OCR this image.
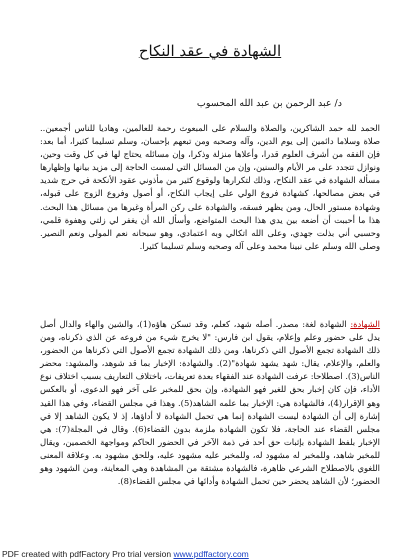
الشهادة في عقد النكاح
د/ عبد الرحمن بن عبد الله المحسوب

الحمد لله حمد الشاكرين، والصلاة والسلام على المبعوث رحمة للعالمين، وهاديا للناس أجمعين.. صلاة وسلاما دائمين إلى يوم الدين، وآله وصحبه ومن تبعهم بإحسان، وسلم تسليما كثيرا، أما بعد: فإن الفقه من أشرف العلوم قدرا، وأعلاها منزلة وذكرا، وإن مسائله يحتاج لها في كل وقت وحين، ونوازل تتجدد على مر الأيام والسنين، وإن من المسائل التي لمست الحاجة إلى مزيد بيانها وإظهارها مسألة الشهادة في عقد النكاح، وذلك لتكرارها ولوقوع كثير من مأذوني عقود الأنكحة في حرج شديد في بعض مصالحها، كشهادة فروع الولي على إيجاب النكاح، أو أصول وفروع الزوج على قبوله، وشهادة مستور الحال، ومن يظهر فسقه، والشهادة على ركن المرأة وغيرها من مسائل هذا البحث. هذا ما أحببت أن أضعه بين يدي هذا البحث المتواضع، وأسأل الله أن يغفر لي زلتي وهفوة قلمي، وحسبي أني بذلت جهدي، وعلى الله اتكالي وبه اعتمادي، وهو سبحانه نعم المولى ونعم النصير. وصلى الله وسلم على نبينا محمد وعلى آله وصحبه وسلم تسليما كثيرا.

الشهادة: الشهادة لغة: مصدر. أصله شهد، كعلم، وقد تسكن هاؤه(1)، والشين والهاء والدال أصل يدل على حضور وعلم وإعلام، يقول ابن فارس: "لا يخرج شيء من فروعه عن الذي ذكرناه، ومن ذلك الشهادة تجمع الأصول التي ذكرناها، ومن ذلك الشهادة تجمع الأصول التي ذكرناها من الحضور، والعلم، والإعلام، يقال: شهد يشهد شهادة"(2). والشهادة: الإخبار بما قد شوهد، والمشهد: محضر الناس(3). اصطلاحا: عرفت الشهادة عند الفقهاء بعدة تعريفات، باختلاف التعاريف بسبب اختلاف نوع الأداء، فإن كان إخبار بحق للغير فهو الشهادة، وإن بحق للمخبر على آخر فهو الدعوى، أو بالعكس وهو الإقرار(4)، فالشهادة هي: الإخبار بما علمه الشاهد(5). وهذا في مجلس القضاء، وفي هذا القيد إشارة إلى أن الشهادة ليست الشهادة إنما هي تحمل الشهادة لا أداؤها، إذ لا يكون الشاهد إلا في مجلس القضاء عند الحاجة، فلا تكون الشهادة ملزمة بدون القضاء(6). وقال في المجلة(7): هي الإخبار بلفظ الشهادة بإثبات حق أحد في ذمة الآخر في الحضور الحاكم ومواجهة الخصمين، ويقال للمخبر شاهد، وللمخبر له مشهود له، وللمخبر عليه مشهود عليه، وللحق مشهود به. وعلاقة المعنى اللغوي بالاصطلاح الشرعي ظاهرة، فالشهادة مشتقة من المشاهدة وهي المعاينة، ومن الشهود وهو الحضور؛ لأن الشاهد يحضر حين تحمل الشهادة وأدائها في مجلس القضاء(8).

PDF created with pdfFactory Pro trial version www.pdffactory.com
